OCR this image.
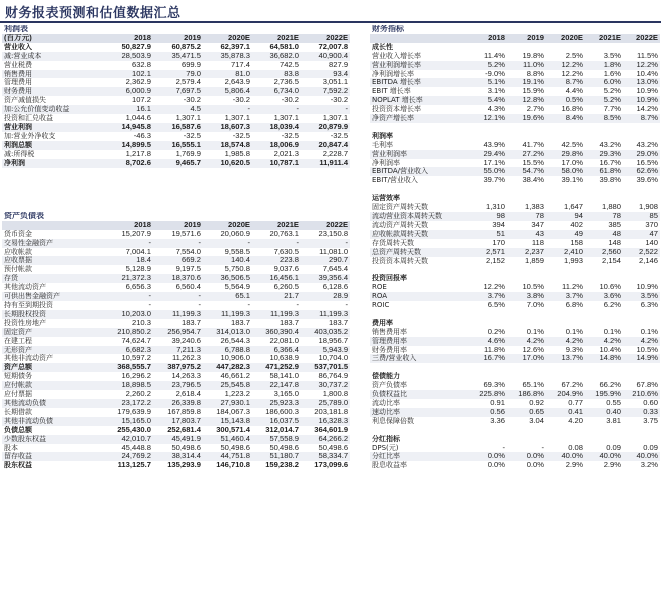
财务报表预测和估值数据汇总
利润表					
(百万元)	2018	2019	2020E	2021E	2022E
营业收入	50,827.9	60,875.2	62,397.1	64,581.0	72,007.8
减:营业成本	28,503.9	35,471.5	35,878.3	36,682.0	40,900.4
营业税费	632.8	699.9	717.4	742.5	827.9
销售费用	102.1	79.0	81.0	83.8	93.4
管理费用	2,362.9	2,579.4	2,643.9	2,736.5	3,051.1
财务费用	6,000.9	7,697.5	5,806.4	6,734.0	7,592.2
资产减值损失	107.2	-30.2	-30.2	-30.2	-30.2
加:公允价值变动收益	16.1	4.5	-	-	-
投资和汇兑收益	1,044.6	1,307.1	1,307.1	1,307.1	1,307.1
营业利润	14,945.8	16,587.6	18,607.3	18,039.4	20,879.9
加:营业外净收支	-46.3	-32.5	-32.5	-32.5	-32.5
利润总额	14,899.5	16,555.1	18,574.8	18,006.9	20,847.4
减:所得税	1,217.8	1,769.9	1,985.8	2,021.3	2,228.7
净利润	8,702.6	9,465.7	10,620.5	10,787.1	11,911.4

资产负债表					
	2018	2019	2020E	2021E	2022E
货币资金	15,207.9	19,571.6	20,060.9	20,763.1	23,150.8
交易性金融资产	-	-	-	-	-
应收帐款	7,004.1	7,554.0	9,558.5	7,630.5	11,081.0
应收票据	18.4	669.2	140.4	223.8	290.7
预付帐款	5,128.9	9,197.5	5,750.8	9,037.6	7,645.4
存货	21,372.3	18,370.6	36,506.5	16,456.1	39,356.4
其他流动资产	6,656.3	6,560.4	5,564.9	6,260.5	6,128.6
可供出售金融资产	-	-	65.1	21.7	28.9
持有至到期投资	-	-	-	-	-
长期股权投资	10,203.0	11,199.3	11,199.3	11,199.3	11,199.3
投资性房地产	210.3	183.7	183.7	183.7	183.7
固定资产	210,850.2	256,954.7	314,013.0	360,390.4	403,035.2
在建工程	74,624.7	39,240.6	26,544.3	22,081.0	18,956.7
无形资产	6,682.3	7,211.3	6,788.8	6,366.4	5,943.9
其他非流动资产	10,597.2	11,262.3	10,906.0	10,638.9	10,704.0
资产总额	368,555.7	387,975.2	447,282.3	471,252.9	537,701.5
短期债务	16,296.2	14,263.3	46,661.2	58,141.0	86,764.9
应付帐款	18,898.5	23,796.5	25,545.8	22,147.8	30,737.2
应付票据	2,260.2	2,618.4	1,223.2	3,165.0	1,800.8
其他流动负债	23,172.2	26,339.8	27,930.1	25,923.3	25,789.0
长期借款	179,639.9	167,859.8	184,067.3	186,600.3	203,181.8
其他非流动负债	15,165.0	17,803.7	15,143.8	16,037.5	16,328.3
负债总额	255,430.0	252,681.4	300,571.4	312,014.7	364,601.9
少数股东权益	42,010.7	45,491.9	51,460.4	57,558.9	64,266.2
股本	45,448.8	50,498.6	50,498.6	50,498.6	50,498.6
留存收益	24,769.2	38,314.4	44,751.8	51,180.7	58,334.7
股东权益	113,125.7	135,293.9	146,710.8	159,238.2	173,099.6
财务指标					
	2018	2019	2020E	2021E	2022E
成长性					
营业收入增长率	11.4%	19.8%	2.5%	3.5%	11.5%
营业利润增长率	5.2%	11.0%	12.2%	1.8%	12.2%
净利润增长率	-9.0%	8.8%	12.2%	1.6%	10.4%
EBITDA 增长率	5.1%	19.1%	8.7%	6.0%	13.0%
EBIT 增长率	3.1%	15.9%	4.4%	5.2%	10.9%
NOPLAT 增长率	5.4%	12.8%	0.5%	5.2%	10.9%
投资资本增长率	4.3%	2.7%	16.8%	7.7%	14.2%
净资产增长率	12.1%	19.6%	8.4%	8.5%	8.7%

利润率					
毛利率	43.9%	41.7%	42.5%	43.2%	43.2%
营业利润率	29.4%	27.2%	29.8%	29.3%	29.0%
净利润率	17.1%	15.5%	17.0%	16.7%	16.5%
EBITDA/营业收入	55.0%	54.7%	58.0%	61.8%	62.6%
EBIT/营业收入	39.7%	38.4%	39.1%	39.8%	39.6%

运营效率					
固定资产周转天数	1,310	1,383	1,647	1,880	1,908
流动营业资本周转天数	98	78	94	78	85
流动资产周转天数	394	347	402	385	370
应收帐款周转天数	51	43	49	48	47
存货周转天数	170	118	158	148	140
总资产周转天数	2,571	2,237	2,410	2,560	2,522
投资资本周转天数	2,152	1,859	1,993	2,154	2,146

投资回报率					
ROE	12.2%	10.5%	11.2%	10.6%	10.9%
ROA	3.7%	3.8%	3.7%	3.6%	3.5%
ROIC	6.5%	7.0%	6.8%	6.2%	6.3%

费用率					
销售费用率	0.2%	0.1%	0.1%	0.1%	0.1%
管理费用率	4.6%	4.2%	4.2%	4.2%	4.2%
财务费用率	11.8%	12.6%	9.3%	10.4%	10.5%
三费/营业收入	16.7%	17.0%	13.7%	14.8%	14.9%

偿债能力					
资产负债率	69.3%	65.1%	67.2%	66.2%	67.8%
负债权益比	225.8%	186.8%	204.9%	195.9%	210.6%
流动比率	0.91	0.92	0.77	0.55	0.60
速动比率	0.56	0.65	0.41	0.40	0.33
利息保障倍数	3.36	3.04	4.20	3.81	3.75

分红指标					
DPS(元)	-	-	0.08	0.09	0.09
分红比率	0.0%	0.0%	40.0%	40.0%	40.0%
股息收益率	0.0%	0.0%	2.9%	2.9%	3.2%
